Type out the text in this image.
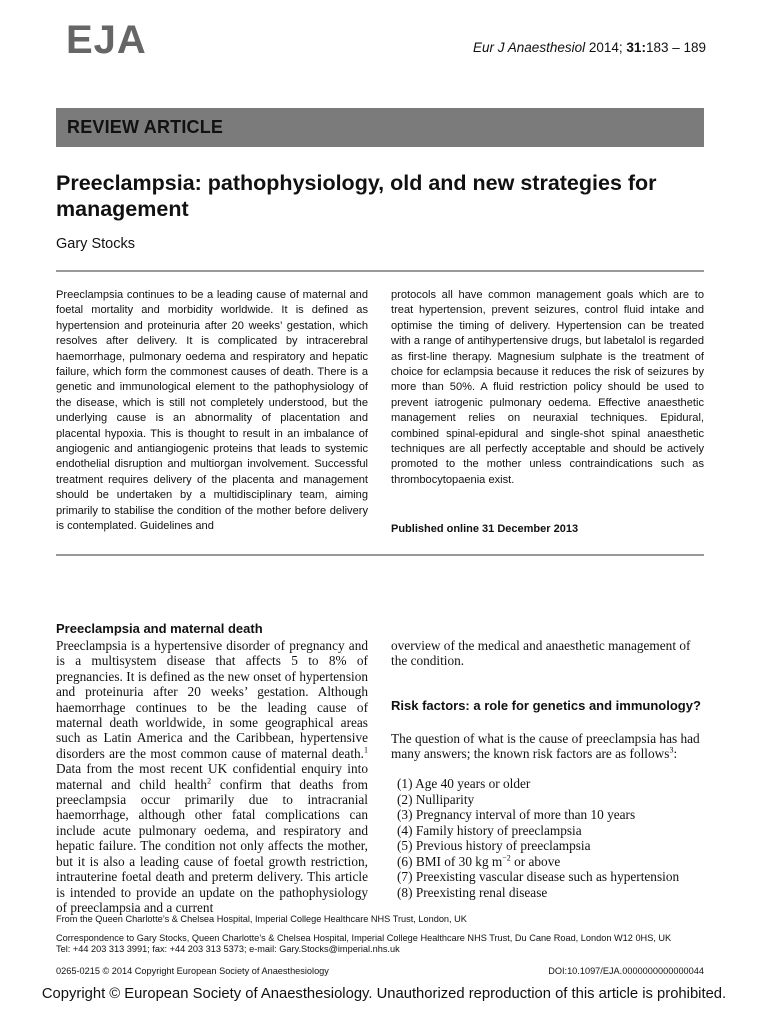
EJA	Eur J Anaesthesiol 2014; 31:183 – 189
REVIEW ARTICLE
Preeclampsia: pathophysiology, old and new strategies for management
Gary Stocks
Preeclampsia continues to be a leading cause of maternal and foetal mortality and morbidity worldwide. It is defined as hypertension and proteinuria after 20 weeks’ gestation, which resolves after delivery. It is complicated by intracerebral haemorrhage, pulmonary oedema and respiratory and hepatic failure, which form the commonest causes of death. There is a genetic and immunological element to the pathophysiology of the disease, which is still not completely understood, but the underlying cause is an abnormality of placentation and placental hypoxia. This is thought to result in an imbalance of angiogenic and antiangiogenic proteins that leads to systemic endothelial disruption and multiorgan involvement. Successful treatment requires delivery of the placenta and management should be undertaken by a multidisciplinary team, aiming primarily to stabilise the condition of the mother before delivery is contemplated. Guidelines and
protocols all have common management goals which are to treat hypertension, prevent seizures, control fluid intake and optimise the timing of delivery. Hypertension can be treated with a range of antihypertensive drugs, but labetalol is regarded as first-line therapy. Magnesium sulphate is the treatment of choice for eclampsia because it reduces the risk of seizures by more than 50%. A fluid restriction policy should be used to prevent iatrogenic pulmonary oedema. Effective anaesthetic management relies on neuraxial techniques. Epidural, combined spinal-epidural and single-shot spinal anaesthetic techniques are all perfectly acceptable and should be actively promoted to the mother unless contraindications such as thrombocytopaenia exist.
Published online 31 December 2013
Preeclampsia and maternal death
Preeclampsia is a hypertensive disorder of pregnancy and is a multisystem disease that affects 5 to 8% of pregnancies. It is defined as the new onset of hypertension and proteinuria after 20 weeks’ gestation. Although haemorrhage continues to be the leading cause of maternal death worldwide, in some geographical areas such as Latin America and the Caribbean, hypertensive disorders are the most common cause of maternal death.$^1$ Data from the most recent UK confidential enquiry into maternal and child health$^2$ confirm that deaths from preeclampsia occur primarily due to intracranial haemorrhage, although other fatal complications can include acute pulmonary oedema, and respiratory and hepatic failure. The condition not only affects the mother, but it is also a leading cause of foetal growth restriction, intrauterine foetal death and preterm delivery. This article is intended to provide an update on the pathophysiology of preeclampsia and a current
overview of the medical and anaesthetic management of the condition.
Risk factors: a role for genetics and immunology?
The question of what is the cause of preeclampsia has had many answers; the known risk factors are as follows$^3$:
(1) Age 40 years or older
(2) Nulliparity
(3) Pregnancy interval of more than 10 years
(4) Family history of preeclampsia
(5) Previous history of preeclampsia
(6) BMI of 30 kg $m^{-2}$ or above
(7) Preexisting vascular disease such as hypertension
(8) Preexisting renal disease
From the Queen Charlotte’s & Chelsea Hospital, Imperial College Healthcare NHS Trust, London, UK
Correspondence to Gary Stocks, Queen Charlotte’s & Chelsea Hospital, Imperial College Healthcare NHS Trust, Du Cane Road, London W12 0HS, UK
Tel: +44 203 313 3991; fax: +44 203 313 5373; e-mail: Gary.Stocks@imperial.nhs.uk
0265-0215 © 2014 Copyright European Society of Anaesthesiology	DOI:10.1097/EJA.0000000000000044
Copyright © European Society of Anaesthesiology. Unauthorized reproduction of this article is prohibited.
